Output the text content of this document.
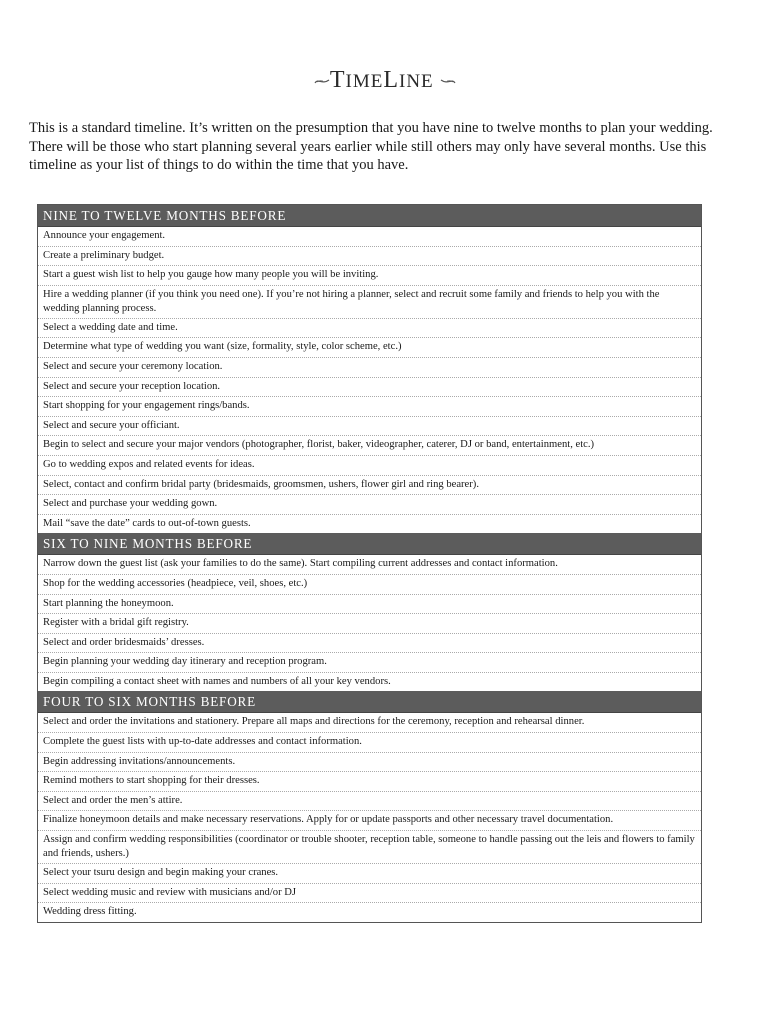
TIMELINE

This is a standard timeline. It’s written on the presumption that you have nine to twelve months to plan your wedding. There will be those who start planning several years earlier while still others may only have several months. Use this timeline as your list of things to do within the time that you have.

NINE TO TWELVE MONTHS BEFORE
Announce your engagement.
Create a preliminary budget.
Start a guest wish list to help you gauge how many people you will be inviting.
Hire a wedding planner (if you think you need one). If you’re not hiring a planner, select and recruit some family and friends to help you with the wedding planning process.
Select a wedding date and time.
Determine what type of wedding you want (size, formality, style, color scheme, etc.)
Select and secure your ceremony location.
Select and secure your reception location.
Start shopping for your engagement rings/bands.
Select and secure your officiant.
Begin to select and secure your major vendors (photographer, florist, baker, videographer, caterer, DJ or band, entertainment, etc.)
Go to wedding expos and related events for ideas.
Select, contact and confirm bridal party (bridesmaids, groomsmen, ushers, flower girl and ring bearer).
Select and purchase your wedding gown.
Mail “save the date” cards to out-of-town guests.
SIX TO NINE MONTHS BEFORE
Narrow down the guest list (ask your families to do the same). Start compiling current addresses and contact information.
Shop for the wedding accessories (headpiece, veil, shoes, etc.)
Start planning the honeymoon.
Register with a bridal gift registry.
Select and order bridesmaids’ dresses.
Begin planning your wedding day itinerary and reception program.
Begin compiling a contact sheet with names and numbers of all your key vendors.
FOUR TO SIX MONTHS BEFORE
Select and order the invitations and stationery. Prepare all maps and directions for the ceremony, reception and rehearsal dinner.
Complete the guest lists with up-to-date addresses and contact information.
Begin addressing invitations/announcements.
Remind mothers to start shopping for their dresses.
Select and order the men’s attire.
Finalize honeymoon details and make necessary reservations. Apply for or update passports and other necessary travel documentation.
Assign and confirm wedding responsibilities (coordinator or trouble shooter, reception table, someone to handle passing out the leis and flowers to family and friends, ushers.)
Select your tsuru design and begin making your cranes.
Select wedding music and review with musicians and/or DJ
Wedding dress fitting.
